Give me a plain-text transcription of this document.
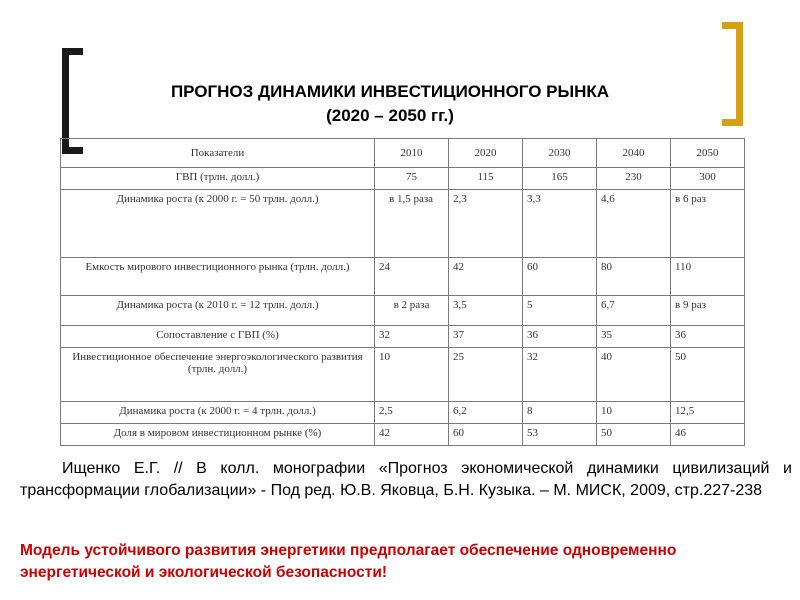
ПРОГНОЗ ДИНАМИКИ ИНВЕСТИЦИОННОГО РЫНКА
(2020 – 2050 гг.)
Показатели	2010	2020	2030	2040	2050
ГВП (трлн. долл.)	75	115	165	230	300
Динамика роста (к 2000 г. = 50 трлн. долл.)	в 1,5 раза	2,3	3,3	4,6	в 6 раз
Емкость мирового инвестиционного рынка (трлн. долл.)	24	42	60	80	110
Динамика роста (к 2010 г. = 12 трлн. долл.)	в 2 раза	3,5	5	6,7	в 9 раз
Сопоставление с ГВП (%)	32	37	36	35	36
Инвестиционное обеспечение энергоэкологического развития (трлн. долл.)	10	25	32	40	50
Динамика роста (к 2000 г. = 4 трлн. долл.)	2,5	6,2	8	10	12,5
Доля в мировом инвестиционном рынке (%)	42	60	53	50	46
Ищенко Е.Г. // В колл. монографии «Прогноз экономической динамики цивилизаций и трансформации глобализации» - Под ред. Ю.В. Яковца, Б.Н. Кузыка. – М. МИСК, 2009, стр.227-238
Модель устойчивого развития энергетики предполагает обеспечение одновременно энергетической и экологической безопасности!
